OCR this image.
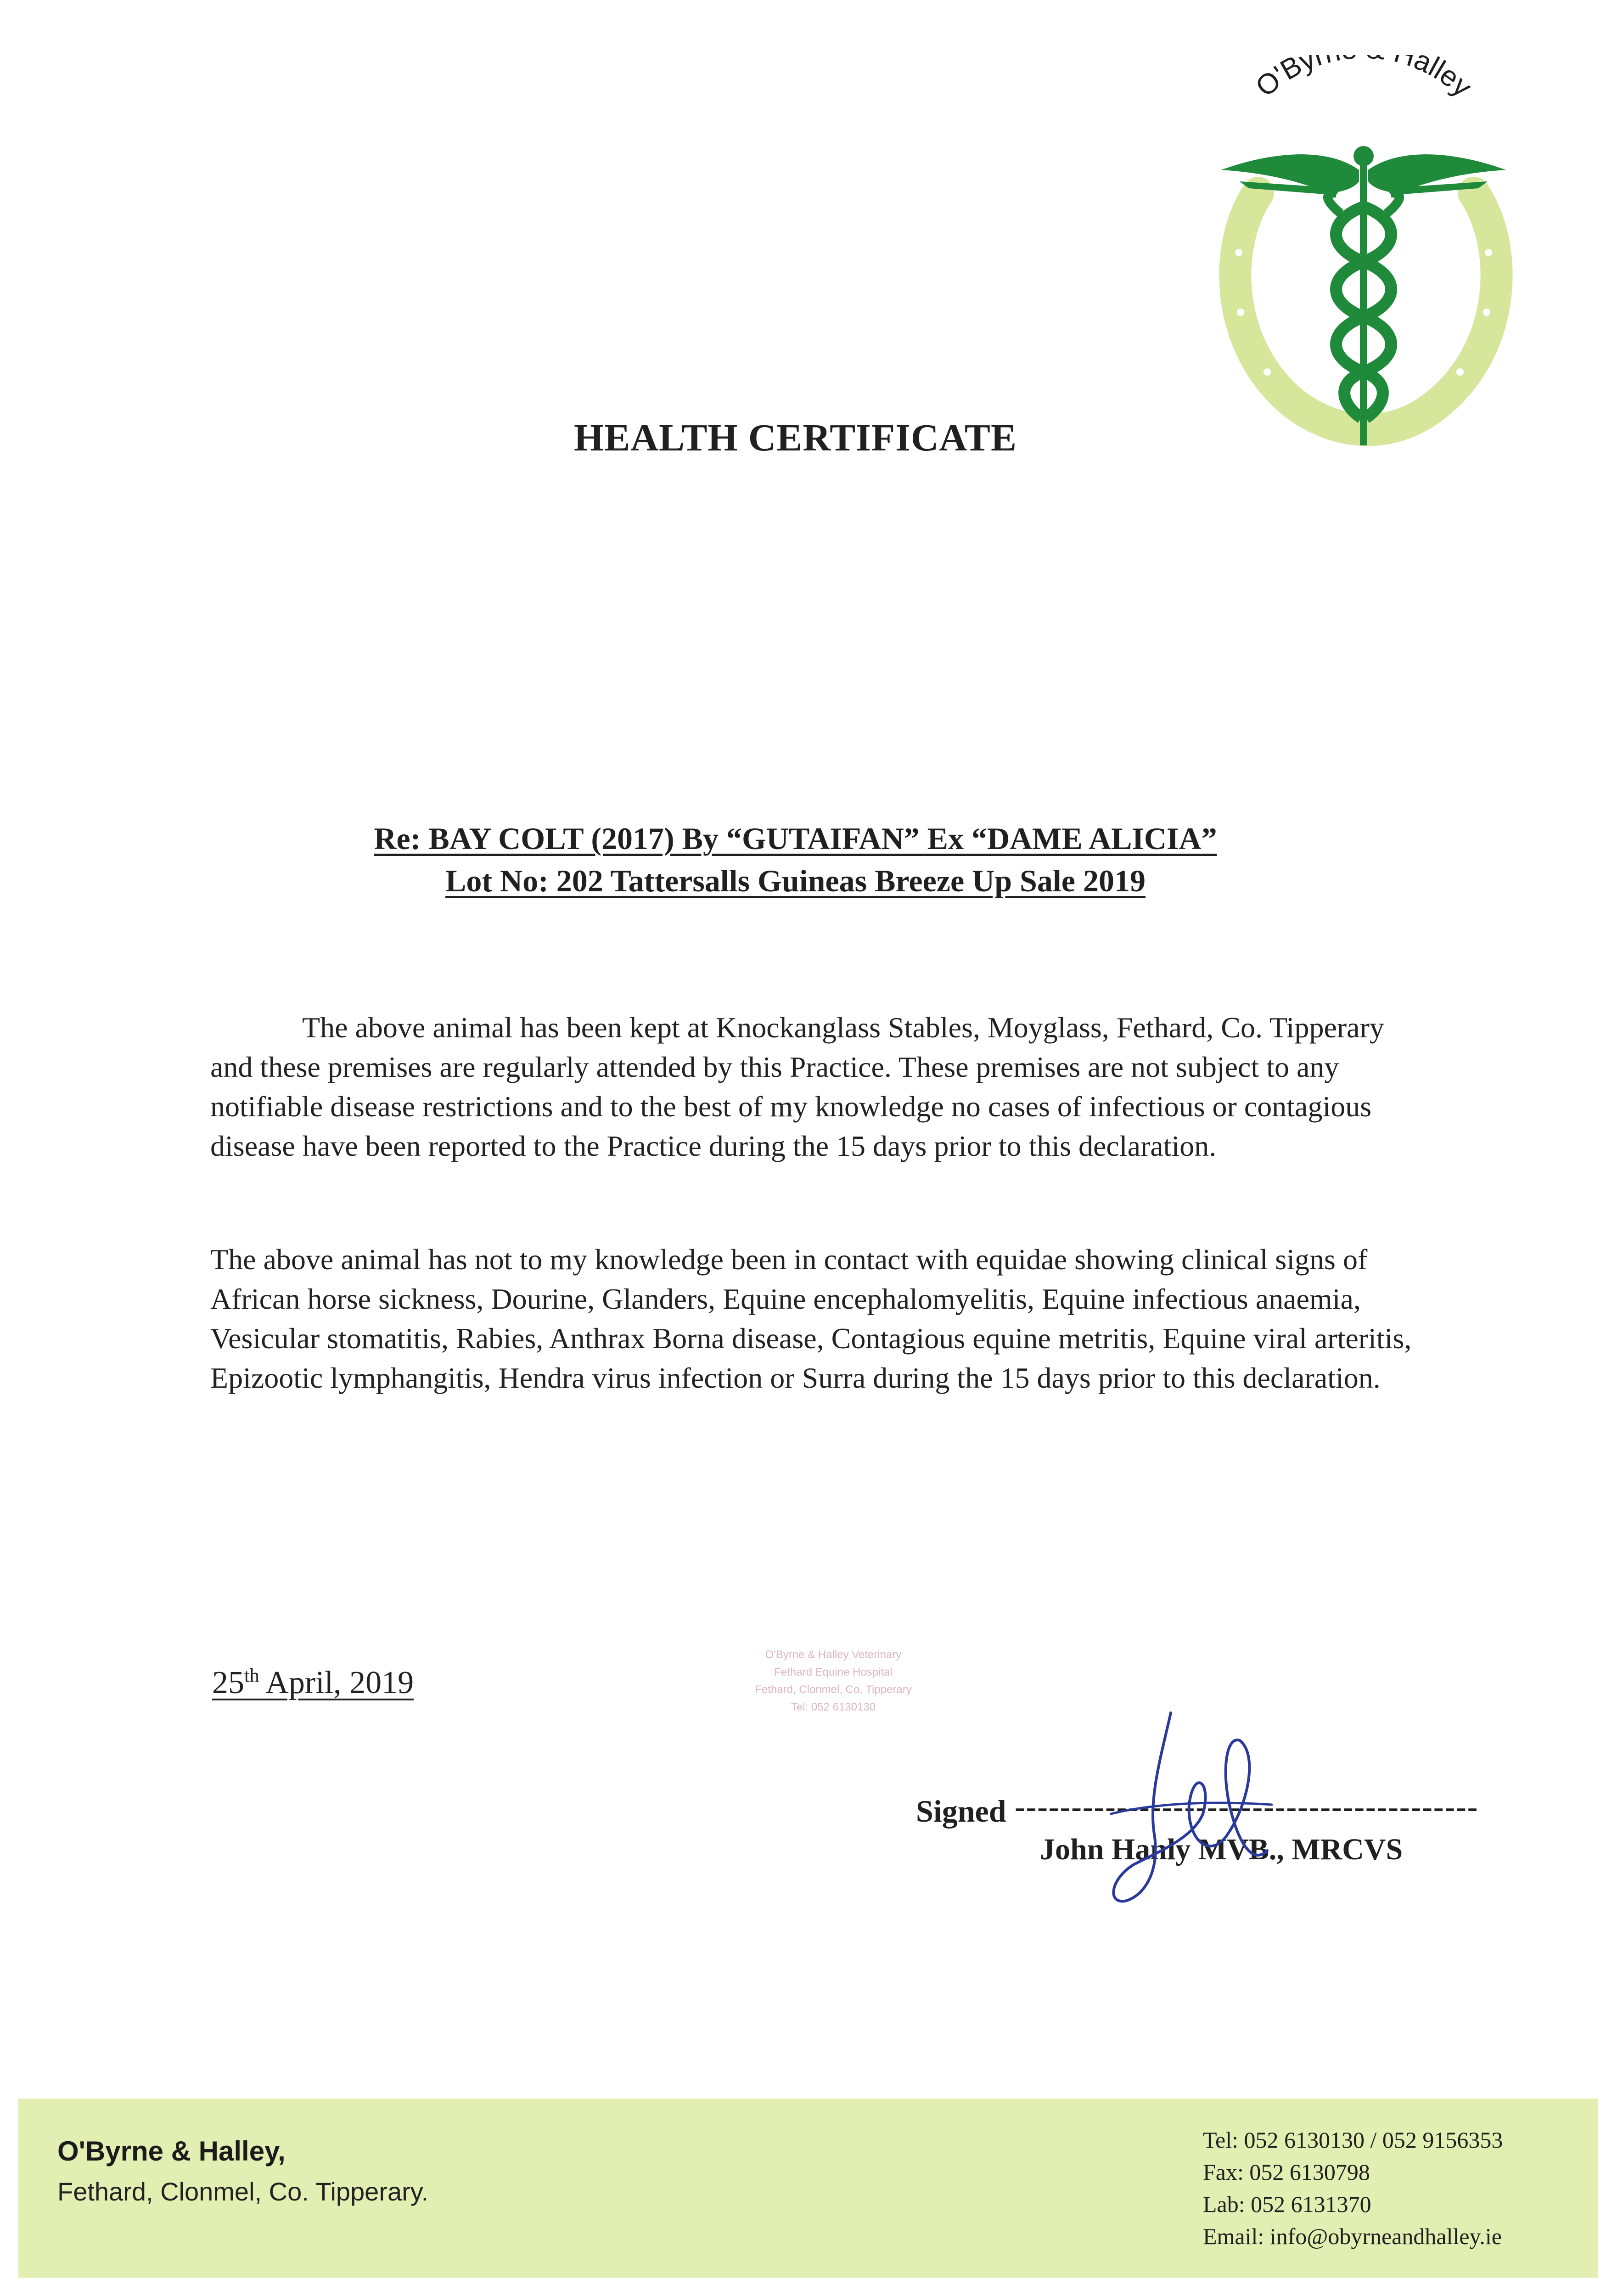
O'Byr alley
HEALTH CERTIFICATE
Re: BAY COLT (2017) By “GUTAIFAN” Ex “DAME ALICIA”
Lot No: 202 Tattersalls Guineas Breeze Up Sale 2019
The above animal has been kept at Knockanglass Stables, Moyglass, Fethard, Co. Tipperary and these premises are regularly attended by this Practice. These premises are not subject to any notifiable disease restrictions and to the best of my knowledge no cases of infectious or contagious disease have been reported to the Practice during the 15 days prior to this declaration.
The above animal has not to my knowledge been in contact with equidae showing clinical signs of African horse sickness, Dourine, Glanders, Equine encephalomyelitis, Equine infectious anaemia, Vesicular stomatitis, Rabies, Anthrax Borna disease, Contagious equine metritis, Equine viral arteritis, Epizootic lymphangitis, Hendra virus infection or Surra during the 15 days prior to this declaration.
25th April, 2019
O'Byrne & Halley Veterinary
Fethard Equine Hospital
Fethard, Clonmel, Co. Tipperary
Tel: 052 6130130
Signed -----------------------------------------
John Hanly MVB., MRCVS
O'Byrne & Halley,
Fethard, Clonmel, Co. Tipperary.
Tel: 052 6130130 / 052 9156353
Fax: 052 6130798
Lab: 052 6131370
Email: info@obyrneandhalley.ie
